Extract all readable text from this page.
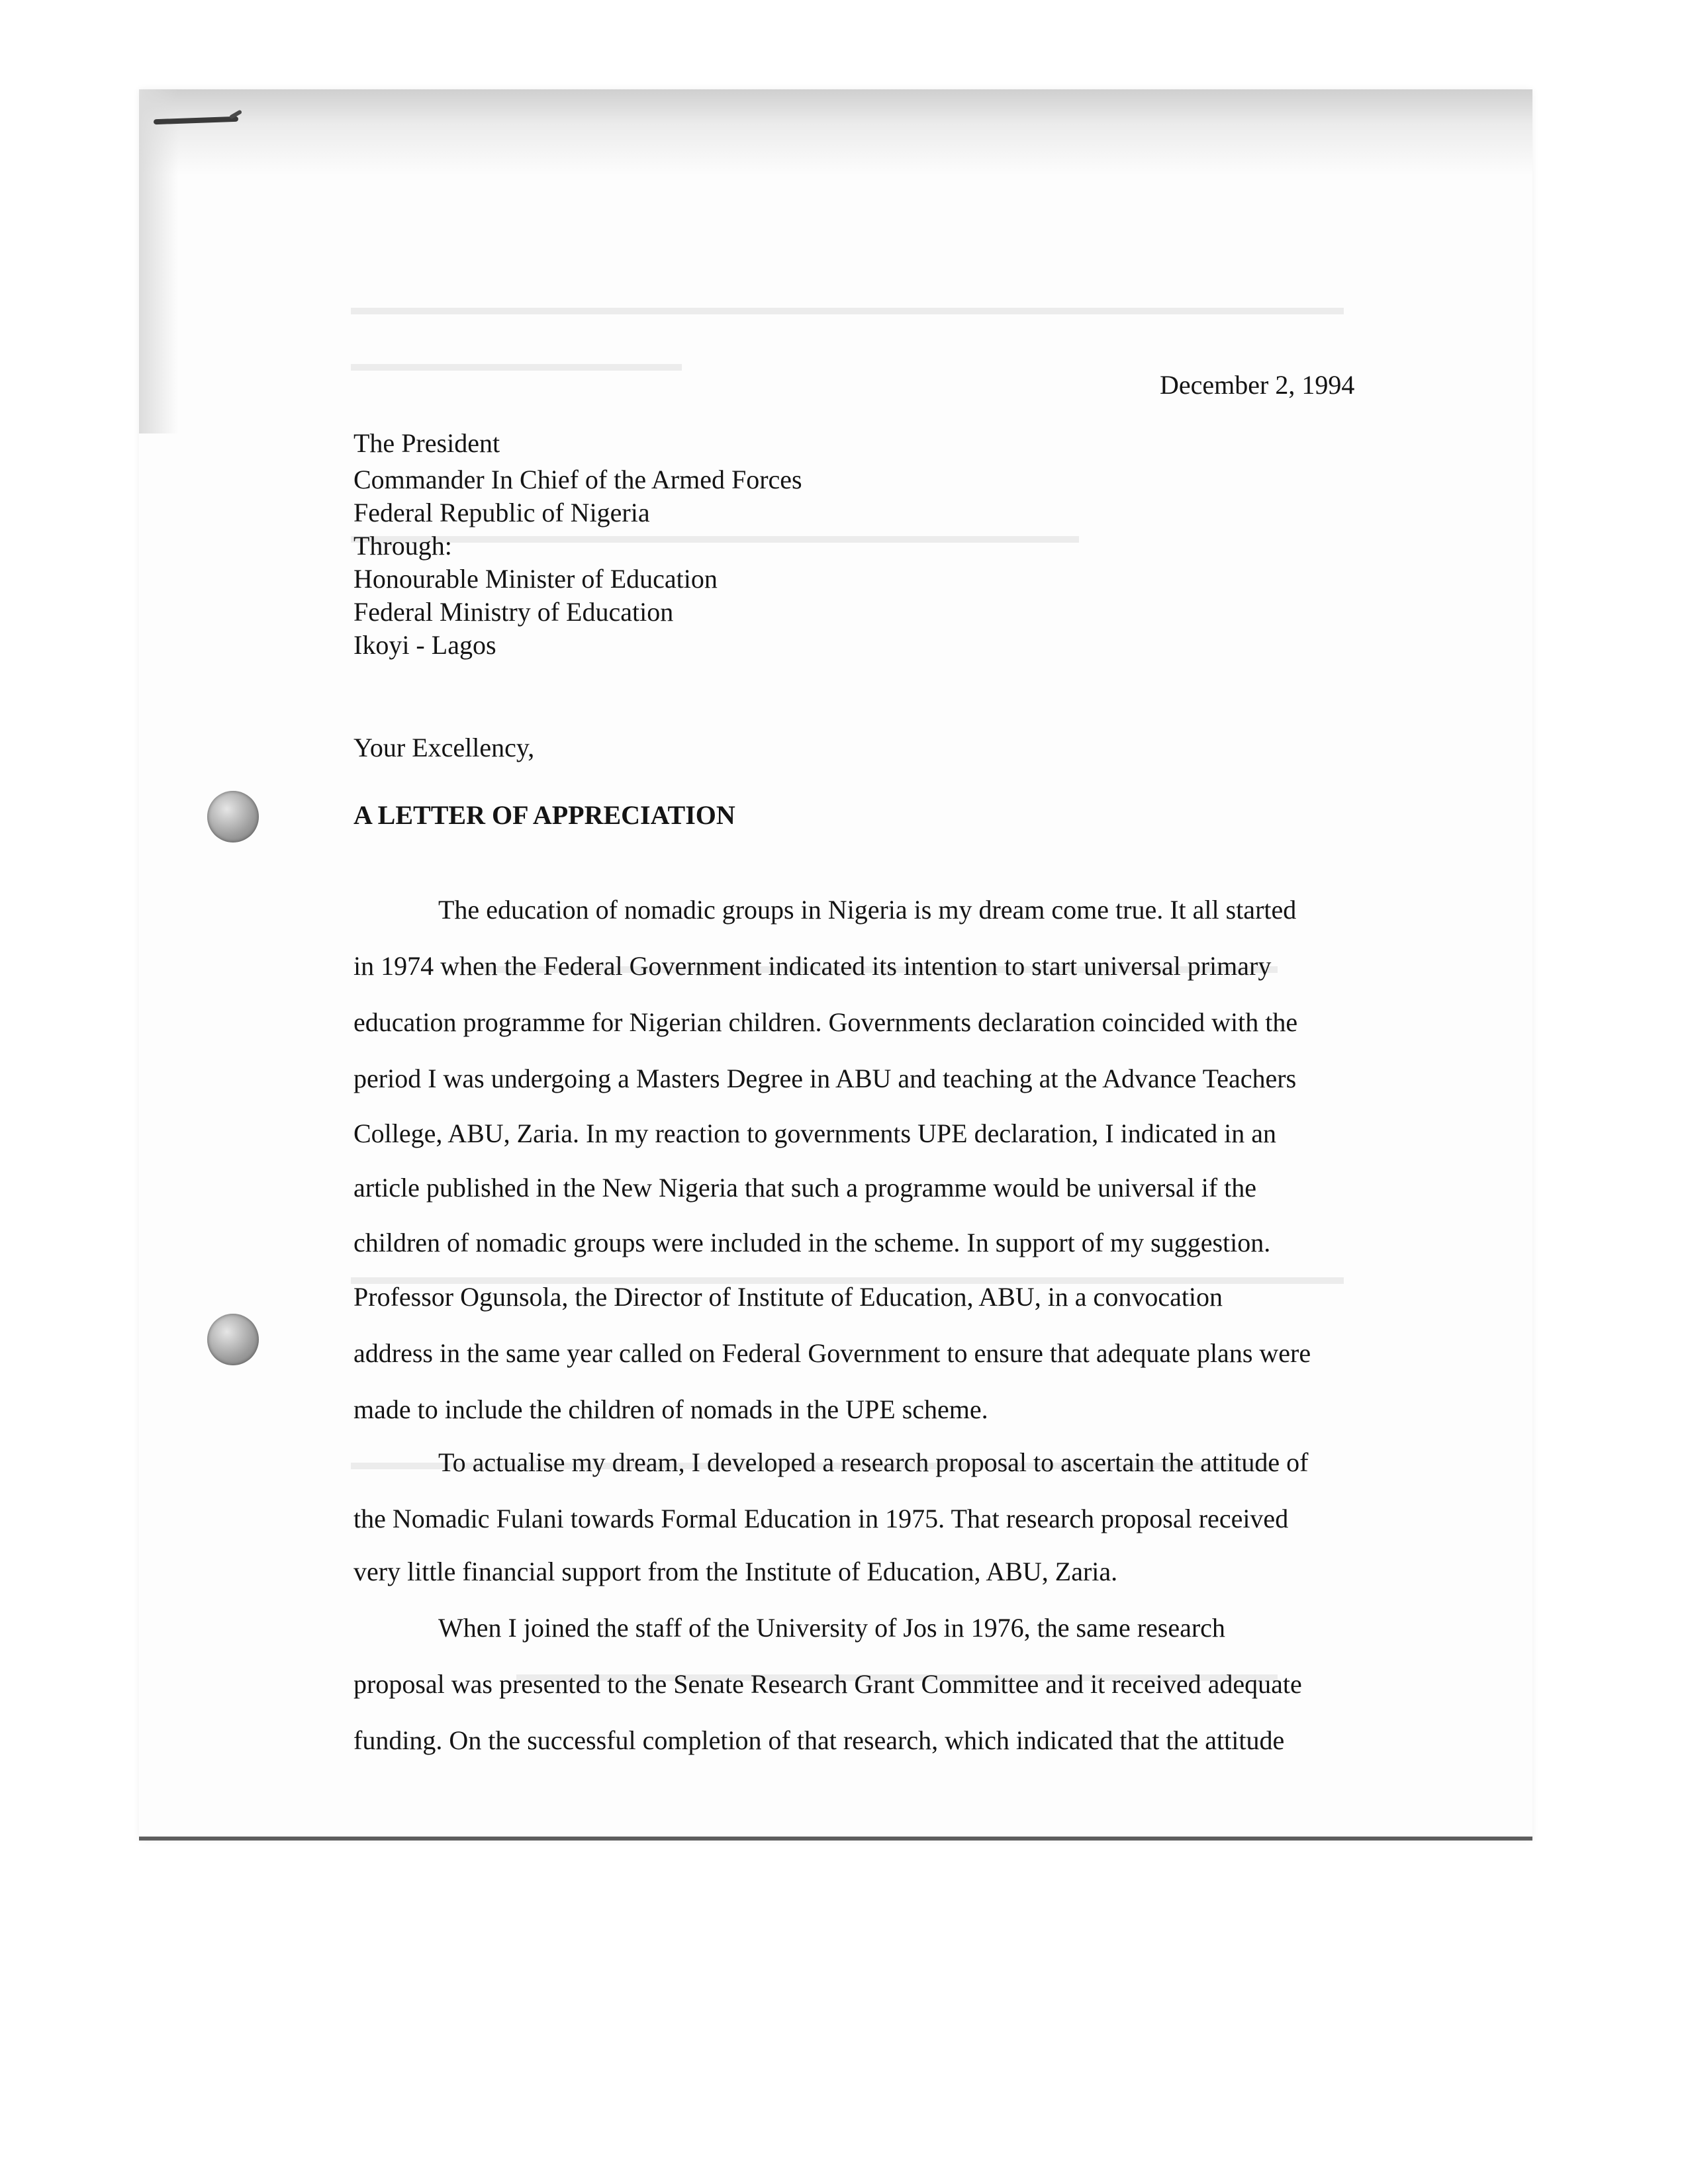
December 2, 1994
The President
Commander In Chief of the Armed Forces
Federal Republic of Nigeria
Through:
Honourable Minister of Education
Federal Ministry of Education
Ikoyi - Lagos
Your Excellency,
A LETTER OF APPRECIATION
The education of nomadic groups in Nigeria is my dream come true. It all started
in 1974 when the Federal Government indicated its intention to start universal primary
education programme for Nigerian children. Governments declaration coincided with the
period I was undergoing a Masters Degree in ABU and teaching at the Advance Teachers
College, ABU, Zaria. In my reaction to governments UPE declaration, I indicated in an
article published in the New Nigeria that such a programme would be universal if the
children of nomadic groups were included in the scheme. In support of my suggestion.
Professor Ogunsola, the Director of Institute of Education, ABU, in a convocation
address in the same year called on Federal Government to ensure that adequate plans were
made to include the children of nomads in the UPE scheme.
To actualise my dream, I developed a research proposal to ascertain the attitude of
the Nomadic Fulani towards Formal Education in 1975. That research proposal received
very little financial support from the Institute of Education, ABU, Zaria.
When I joined the staff of the University of Jos in 1976, the same research
proposal was presented to the Senate Research Grant Committee and it received adequate
funding. On the successful completion of that research, which indicated that the attitude
